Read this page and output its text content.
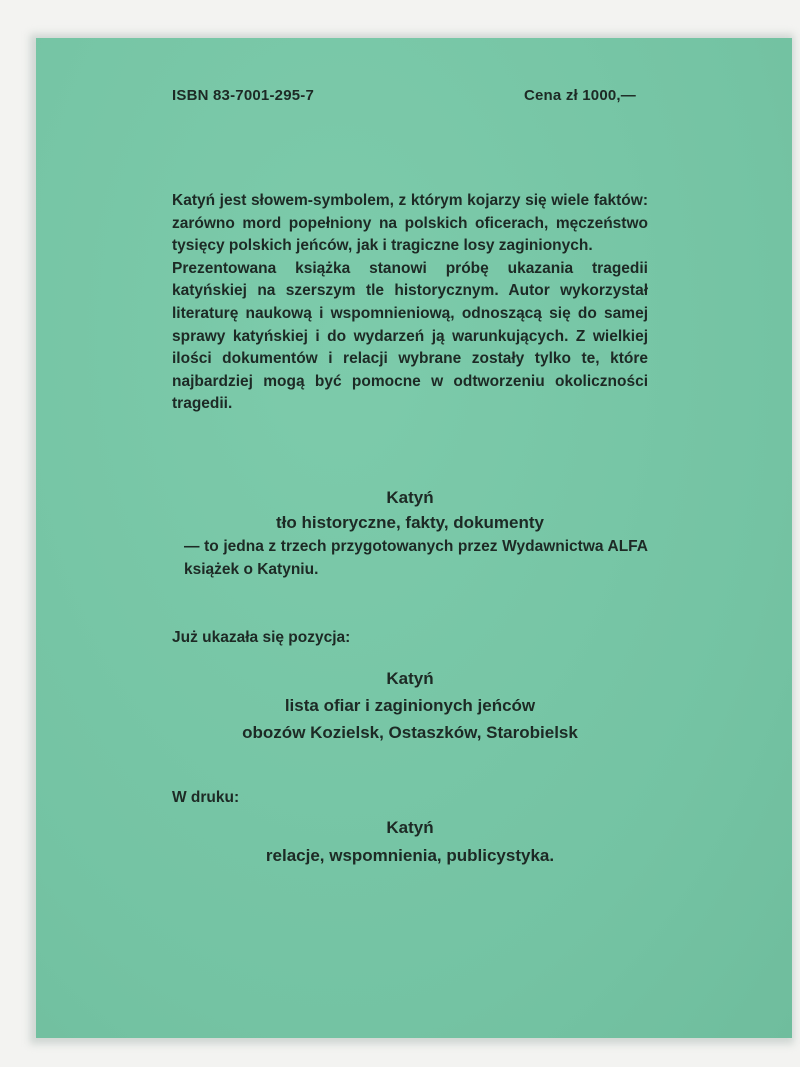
ISBN 83-7001-295-7	Cena zł 1000,—

Katyń jest słowem-symbolem, z którym kojarzy się wiele faktów: zarówno mord popełniony na polskich oficerach, męczeństwo tysięcy polskich jeńców, jak i tragiczne losy zaginionych.

Prezentowana książka stanowi próbę ukazania tragedii katyńskiej na szerszym tle historycznym. Autor wykorzystał literaturę naukową i wspomnieniową, odnoszącą się do samej sprawy katyńskiej i do wydarzeń ją warunkujących. Z wielkiej ilości dokumentów i relacji wybrane zostały tylko te, które najbardziej mogą być pomocne w odtworzeniu okoliczności tragedii.

Katyń
tło historyczne, fakty, dokumenty
— to jedna z trzech przygotowanych przez Wydawnictwa ALFA książek o Katyniu.
Już ukazała się pozycja:
Katyń
lista ofiar i zaginionych jeńców
obozów Kozielsk, Ostaszków, Starobielsk
W druku:
Katyń
relacje, wspomnienia, publicystyka.
